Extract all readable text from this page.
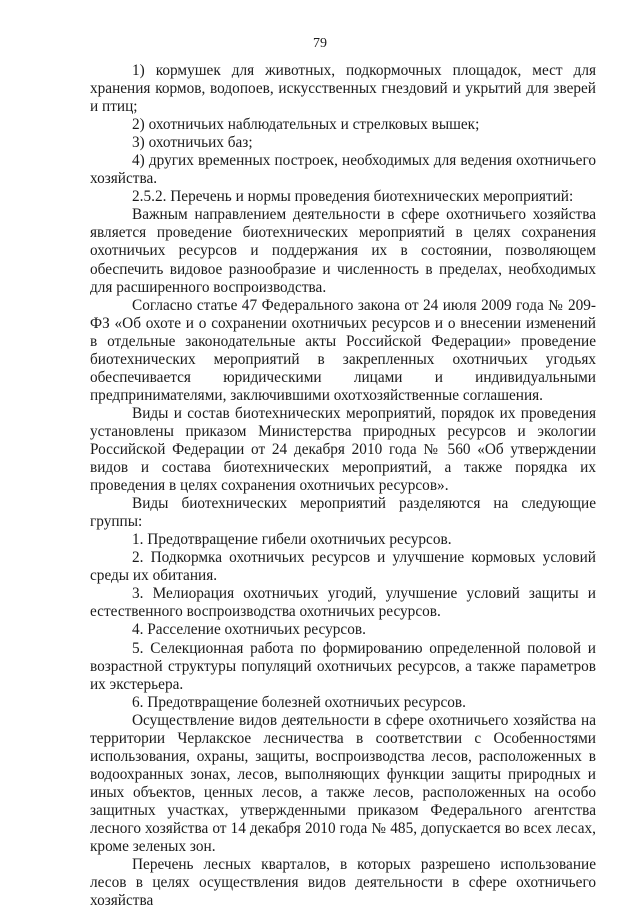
79

1) кормушек для животных, подкормочных площадок, мест для хранения кормов, водопоев, искусственных гнездовий и укрытий для зверей и птиц;

2) охотничьих наблюдательных и стрелковых вышек;

3) охотничьих баз;

4) других временных построек, необходимых для ведения охотничьего хозяйства.

2.5.2. Перечень и нормы проведения биотехнических мероприятий:

Важным направлением деятельности в сфере охотничьего хозяйства является проведение биотехнических мероприятий в целях сохранения охотничьих ресурсов и поддержания их в состоянии, позволяющем обеспечить видовое разнообразие и численность в пределах, необходимых для расширенного воспроизводства.

Согласно статье 47 Федерального закона от 24 июля 2009 года № 209-ФЗ «Об охоте и о сохранении охотничьих ресурсов и о внесении изменений в отдельные законодательные акты Российской Федерации» проведение биотехнических мероприятий в закрепленных охотничьих угодьях обеспечивается юридическими лицами и индивидуальными предпринимателями, заключившими охотхозяйственные соглашения.

Виды и состав биотехнических мероприятий, порядок их проведения установлены приказом Министерства природных ресурсов и экологии Российской Федерации от 24 декабря 2010 года № 560 «Об утверждении видов и состава биотехнических мероприятий, а также порядка их проведения в целях сохранения охотничьих ресурсов».

Виды биотехнических мероприятий разделяются на следующие группы:

1. Предотвращение гибели охотничьих ресурсов.

2. Подкормка охотничьих ресурсов и улучшение кормовых условий среды их обитания.

3. Мелиорация охотничьих угодий, улучшение условий защиты и естественного воспроизводства охотничьих ресурсов.

4. Расселение охотничьих ресурсов.

5. Селекционная работа по формированию определенной половой и возрастной структуры популяций охотничьих ресурсов, а также параметров их экстерьера.

6. Предотвращение болезней охотничьих ресурсов.

Осуществление видов деятельности в сфере охотничьего хозяйства на территории Черлакское лесничества в соответствии с Особенностями использования, охраны, защиты, воспроизводства лесов, расположенных в водоохранных зонах, лесов, выполняющих функции защиты природных и иных объектов, ценных лесов, а также лесов, расположенных на особо защитных участках, утвержденными приказом Федерального агентства лесного хозяйства от 14 декабря 2010 года № 485, допускается во всех лесах, кроме зеленых зон.

Перечень лесных кварталов, в которых разрешено использование лесов в целях осуществления видов деятельности в сфере охотничьего хозяйства
